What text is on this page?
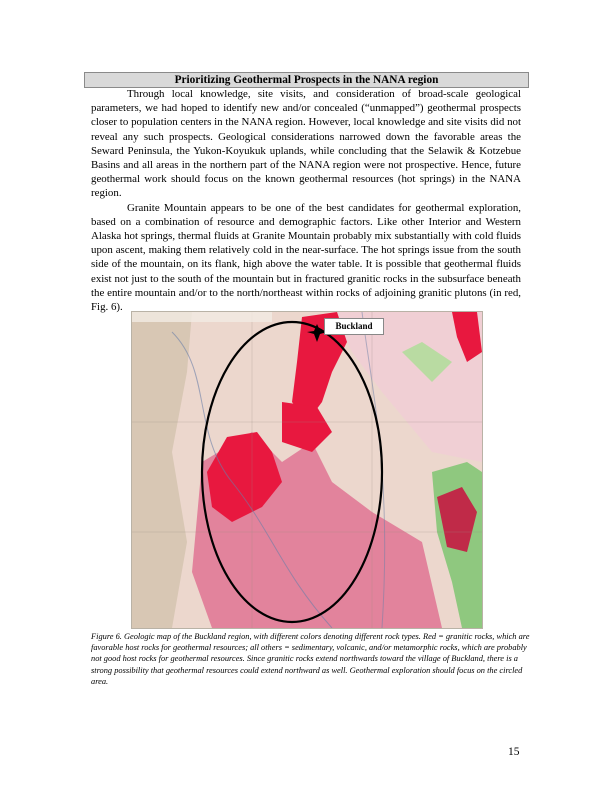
Prioritizing Geothermal Prospects in the NANA region

Through local knowledge, site visits, and consideration of broad-scale geological parameters, we had hoped to identify new and/or concealed (“unmapped”) geothermal prospects closer to population centers in the NANA region. However, local knowledge and site visits did not reveal any such prospects. Geological considerations narrowed down the favorable areas the Seward Peninsula, the Yukon-Koyukuk uplands, while concluding that the Selawik & Kotzebue Basins and all areas in the northern part of the NANA region were not prospective. Hence, future geothermal work should focus on the known geothermal resources (hot springs) in the NANA region.

Granite Mountain appears to be one of the best candidates for geothermal exploration, based on a combination of resource and demographic factors. Like other Interior and Western Alaska hot springs, thermal fluids at Granite Mountain probably mix substantially with cold fluids upon ascent, making them relatively cold in the near-surface. The hot springs issue from the south side of the mountain, on its flank, high above the water table. It is possible that geothermal fluids exist not just to the south of the mountain but in fractured granitic rocks in the subsurface beneath the entire mountain and/or to the north/northeast within rocks of adjoining granitic plutons (in red, Fig. 6).

Buckland
Figure 6. Geologic map of the Buckland region, with different colors denoting different rock types. Red = granitic rocks, which are favorable host rocks for geothermal resources; all others = sedimentary, volcanic, and/or metamorphic rocks, which are probably not good host rocks for geothermal resources. Since granitic rocks extend northwards toward the village of Buckland, there is a strong possibility that geothermal resources could extend northward as well. Geothermal exploration should focus on the circled area.
15
